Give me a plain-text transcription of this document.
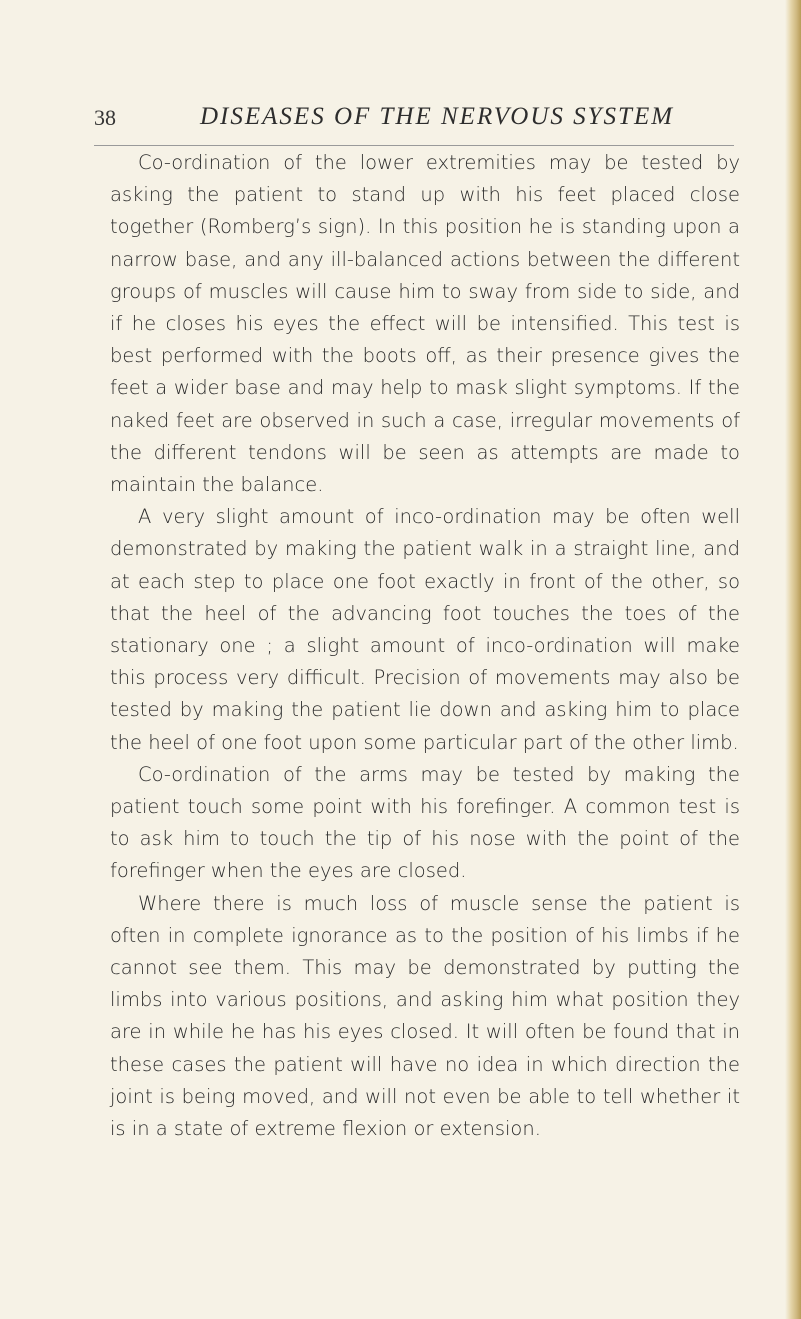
38	DISEASES OF THE NERVOUS SYSTEM

Co-ordination of the lower extremities may be tested by asking the patient to stand up with his feet placed close together (Romberg’s sign). In this position he is standing upon a narrow base, and any ill-balanced actions between the different groups of muscles will cause him to sway from side to side, and if he closes his eyes the effect will be intensified. This test is best performed with the boots off, as their presence gives the feet a wider base and may help to mask slight symptoms. If the naked feet are observed in such a case, irregular movements of the different tendons will be seen as attempts are made to maintain the balance.

A very slight amount of inco-ordination may be often well demonstrated by making the patient walk in a straight line, and at each step to place one foot exactly in front of the other, so that the heel of the advancing foot touches the toes of the stationary one ; a slight amount of inco-ordination will make this process very difficult. Precision of movements may also be tested by making the patient lie down and asking him to place the heel of one foot upon some particular part of the other limb.

Co-ordination of the arms may be tested by making the patient touch some point with his forefinger. A common test is to ask him to touch the tip of his nose with the point of the forefinger when the eyes are closed.

Where there is much loss of muscle sense the patient is often in complete ignorance as to the position of his limbs if he cannot see them. This may be demonstrated by putting the limbs into various positions, and asking him what position they are in while he has his eyes closed. It will often be found that in these cases the patient will have no idea in which direction the joint is being moved, and will not even be able to tell whether it is in a state of extreme flexion or extension.
